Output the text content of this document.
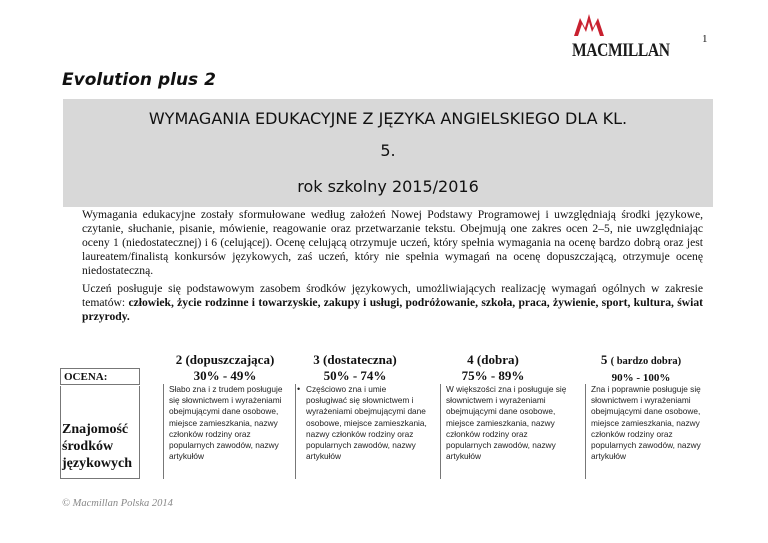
MACMILLAN
1
Evolution plus 2
WYMAGANIA EDUKACYJNE Z JĘZYKA ANGIELSKIEGO DLA KL.
5.
rok szkolny 2015/2016
Wymagania edukacyjne zostały sformułowane według założeń Nowej Podstawy Programowej i uwzględniają środki językowe, czytanie, słuchanie, pisanie, mówienie, reagowanie oraz przetwarzanie tekstu. Obejmują one zakres ocen 2–5, nie uwzględniając oceny 1 (niedostatecznej) i 6 (celującej). Ocenę celującą otrzymuje uczeń, który spełnia wymagania na ocenę bardzo dobrą oraz jest laureatem/finalistą konkursów językowych, zaś uczeń, który nie spełnia wymagań na ocenę dopuszczającą, otrzymuje ocenę niedostateczną.
Uczeń posługuje się podstawowym zasobem środków językowych, umożliwiających realizację wymagań ogólnych w zakresie tematów: człowiek, życie rodzinne i towarzyskie, zakupy i usługi, podróżowanie, szkoła, praca, żywienie, sport, kultura, świat przyrody.
OCENA:
2 (dopuszczająca)
30% - 49%
3 (dostateczna)
50% - 74%
4 (dobra)
75% - 89%
5 ( bardzo dobra)
90% - 100%
Znajomość środków językowych
Słabo zna i z trudem posługuje się słownictwem i wyrażeniami obejmującymi dane osobowe, miejsce zamieszkania, nazwy członków rodziny oraz popularnych zawodów, nazwy artykułów
• Częściowo zna i umie posługiwać się słownictwem i wyrażeniami obejmującymi dane osobowe, miejsce zamieszkania, nazwy członków rodziny oraz popularnych zawodów, nazwy artykułów
W większości zna i posługuje się słownictwem i wyrażeniami obejmującymi dane osobowe, miejsce zamieszkania, nazwy członków rodziny oraz popularnych zawodów, nazwy artykułów
Zna i poprawnie posługuje się słownictwem i wyrażeniami obejmującymi dane osobowe, miejsce zamieszkania, nazwy członków rodziny oraz popularnych zawodów, nazwy artykułów
© Macmillan Polska 2014
